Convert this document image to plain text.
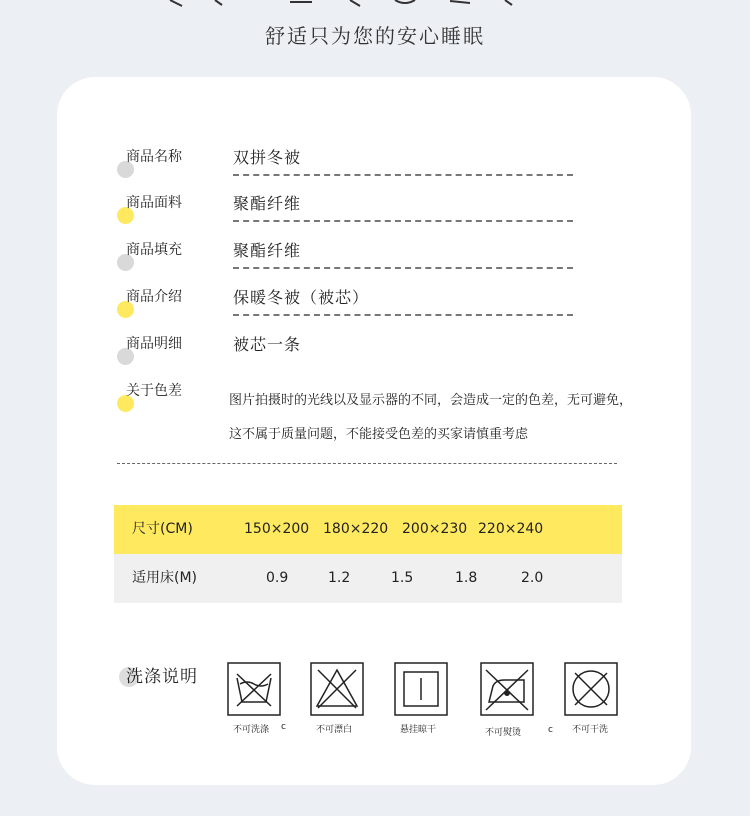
舒适只为您的安心睡眠
商品名称	双拼冬被
商品面料	聚酯纤维
商品填充	聚酯纤维
商品介绍	保暖冬被（被芯）
商品明细	被芯一条
关于色差
图片拍摄时的光线以及显示器的不同，会造成一定的色差，无可避免，
这不属于质量问题，不能接受色差的买家请慎重考虑
尺寸(CM)	150×200 180×220 200×230 220×240
适用床(M)	0.9	1.2	1.5	1.8	2.0
洗涤说明
不可洗涤 c	不可漂白	悬挂晾干	不可熨烫	c 不可干洗
